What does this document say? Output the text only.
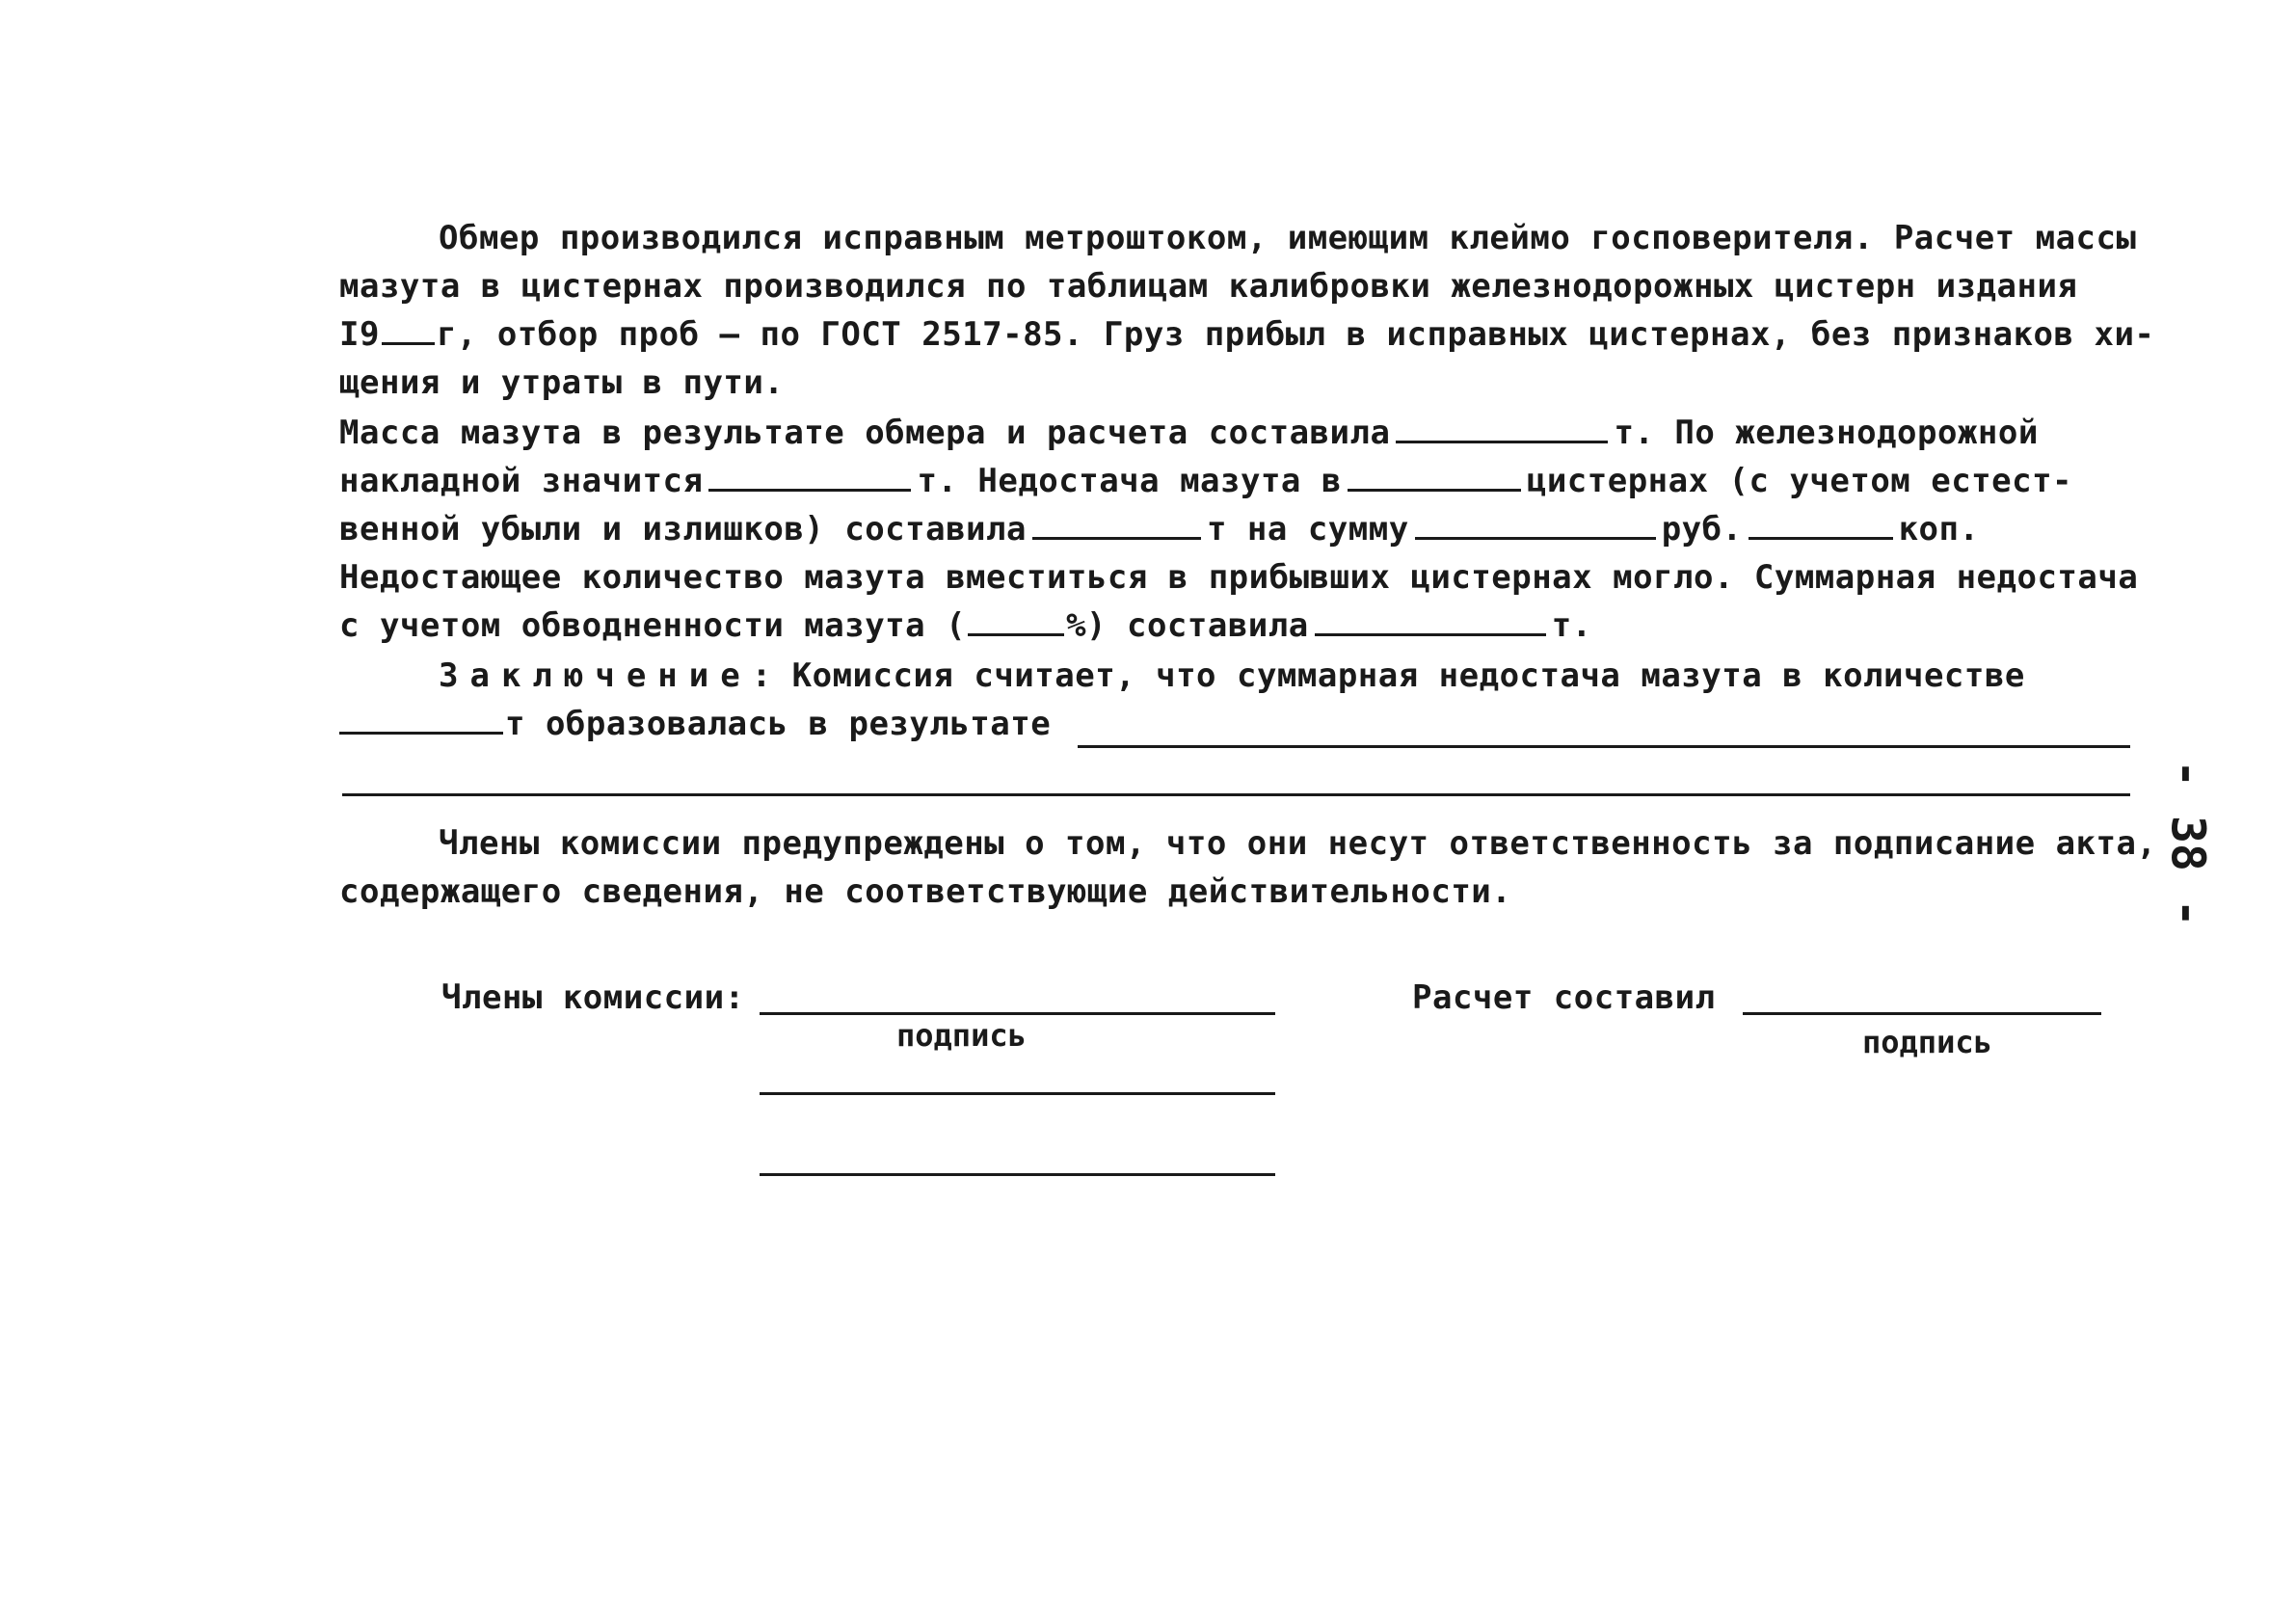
Обмер производился исправным метроштоком, имеющим клеймо госповерителя. Расчет массы
мазута в цистернах производился по таблицам калибровки железнодорожных цистерн издания
I9 г, отбор проб – по ГОСТ 2517-85. Груз прибыл в исправных цистернах, без признаков хи-
щения и утраты в пути.
Масса мазута в результате обмера и расчета составила	т. По железнодорожной
накладной значится	т. Недостача мазута в	цистернах (с учетом естест-
венной убыли и излишков) составила	т на сумму	руб.	коп.
Недостающее количество мазута вместиться в прибывших цистернах могло. Суммарная недостача
с учетом обводненности мазута (	%) составила	т.
Заключение: Комиссия считает, что суммарная недостача мазута в количестве
т образовалась в результате
Члены комиссии предупреждены о том, что они несут ответственность за подписание акта,
содержащего сведения, не соответствующие действительности.
Члены комиссии:
подпись
Расчет составил
подпись
- 38 -
